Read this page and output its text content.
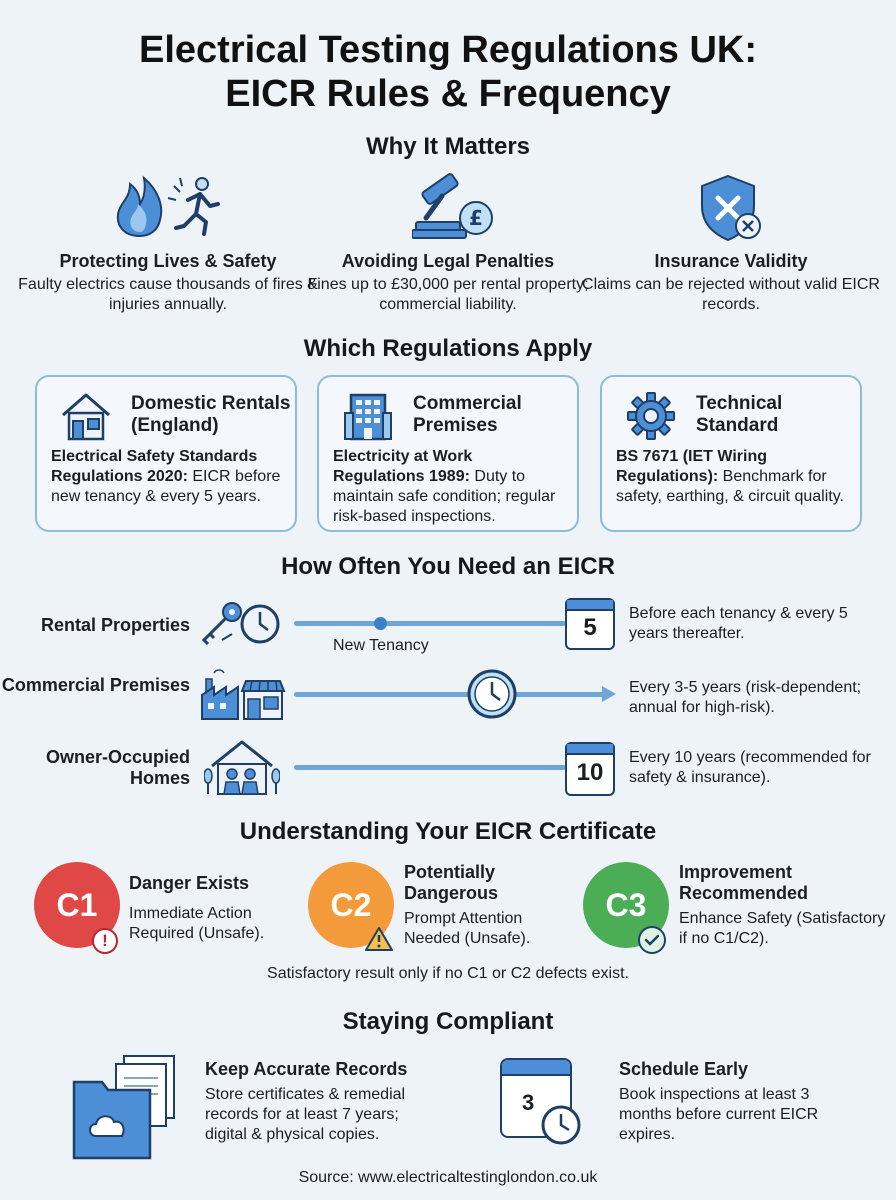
Electrical Testing Regulations UK:
EICR Rules & Frequency
Why It Matters
£
Protecting Lives & Safety
Faulty electrics cause thousands of fires & injuries annually.
Avoiding Legal Penalties
Fines up to £30,000 per rental property; commercial liability.
Insurance Validity
Claims can be rejected without valid EICR records.
Which Regulations Apply
Domestic Rentals (England)
Electrical Safety Standards Regulations 2020: EICR before new tenancy & every 5 years.
Commercial Premises
Electricity at Work Regulations 1989: Duty to maintain safe condition; regular risk-based inspections.
Technical Standard
BS 7671 (IET Wiring Regulations): Benchmark for safety, earthing, & circuit quality.
How Often You Need an EICR
Rental Properties
New Tenancy
5
Before each tenancy & every 5 years thereafter.
Commercial Premises	Every 3-5 years (risk-dependent; annual for high-risk).
Owner-Occupied Homes	10
Every 10 years (recommended for safety & insurance).
Understanding Your EICR Certificate
C1
!
Danger Exists
Immediate Action Required (Unsafe).
C2
Potentially Dangerous
Prompt Attention Needed (Unsafe).
C3
Improvement Recommended
Enhance Safety (Satisfactory if no C1/C2).
Satisfactory result only if no C1 or C2 defects exist.
Staying Compliant
Keep Accurate Records
Store certificates & remedial records for at least 7 years; digital & physical copies.
3
Schedule Early
Book inspections at least 3 months before current EICR expires.
Source: www.electricaltestinglondon.co.uk
